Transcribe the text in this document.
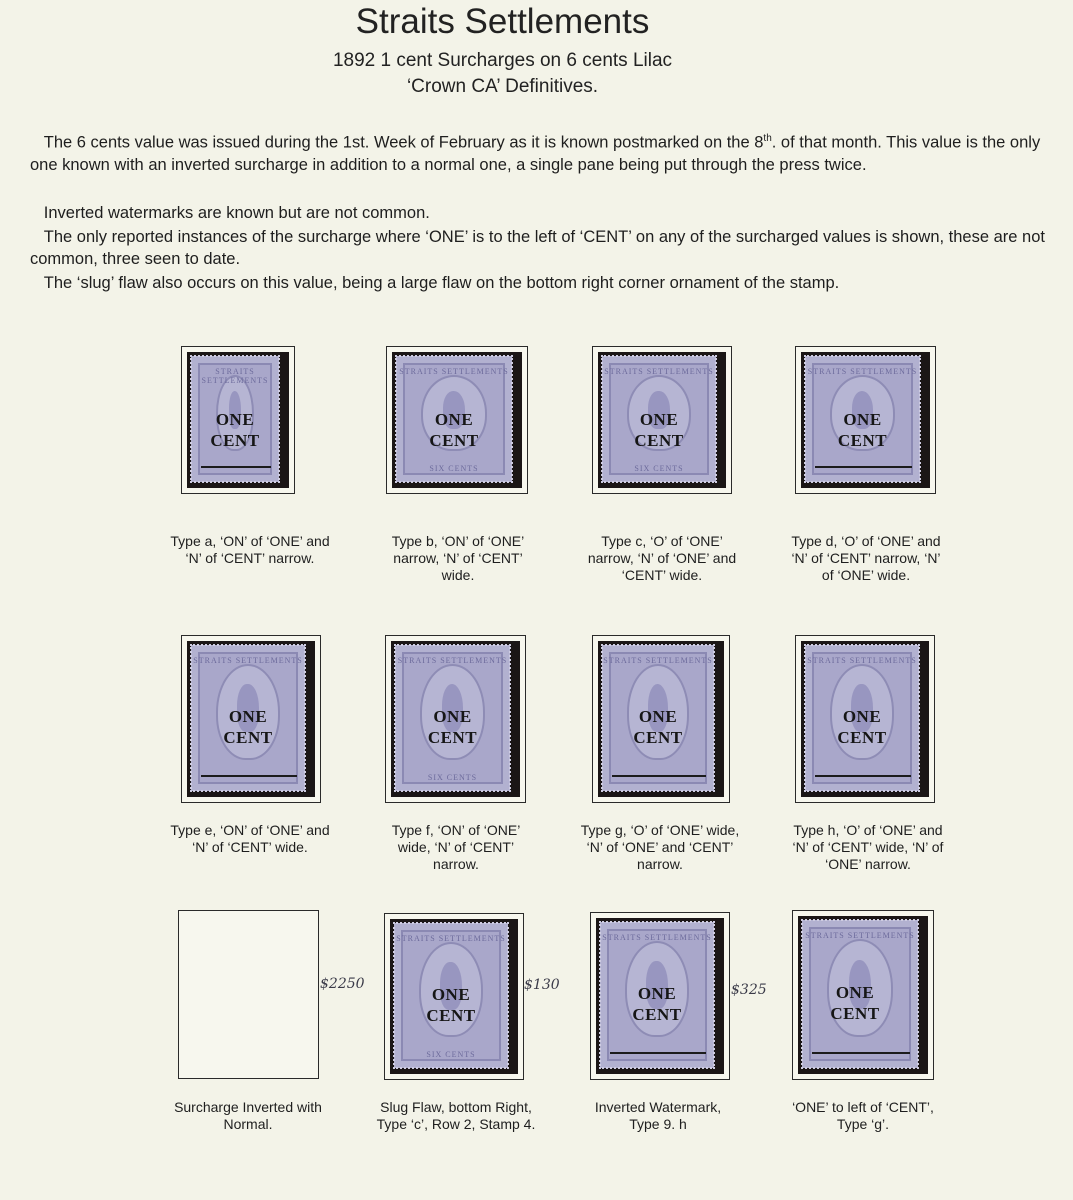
Straits Settlements
1892 1 cent Surcharges on 6 cents Lilac
‘Crown CA’ Definitives.

The 6 cents value was issued during the 1st. Week of February as it is known postmarked on the 8th. of that month. This value is the only one known with an inverted surcharge in addition to a normal one, a single pane being put through the press twice.

Inverted watermarks are known but are not common.

The only reported instances of the surcharge where ‘ONE’ is to the left of ‘CENT’ on any of the surcharged values is shown, these are not common, three seen to date.

The ‘slug’ flaw also occurs on this value, being a large flaw on the bottom right corner ornament of the stamp.

STRAITS SETTLEMENTS
ONE
CENT
STRAITS SETTLEMENTS
ONE
CENT
SIX CENTS
STRAITS SETTLEMENTS
ONE
CENT
SIX CENTS
STRAITS SETTLEMENTS
ONE
CENT

Type a, ‘ON’ of ‘ONE’ and ‘N’ of ‘CENT’ narrow.

Type b, ‘ON’ of ‘ONE’ narrow, ‘N’ of ‘CENT’ wide.

Type c, ‘O’ of ‘ONE’ narrow, ‘N’ of ‘ONE’ and ‘CENT’ wide.

Type d, ‘O’ of ‘ONE’ and ‘N’ of ‘CENT’ narrow, ‘N’ of ‘ONE’ wide.

STRAITS SETTLEMENTS
ONE
CENT
STRAITS SETTLEMENTS
ONE
CENT
SIX CENTS
STRAITS SETTLEMENTS
ONE
CENT
STRAITS SETTLEMENTS
ONE
CENT

Type e, ‘ON’ of ‘ONE’ and ‘N’ of ‘CENT’ wide.

Type f, ‘ON’ of ‘ONE’ wide, ‘N’ of ‘CENT’ narrow.

Type g, ‘O’ of ‘ONE’ wide, ‘N’ of ‘ONE’ and ‘CENT’ narrow.

Type h, ‘O’ of ‘ONE’ and ‘N’ of ‘CENT’ wide, ‘N’ of ‘ONE’ narrow.

$2250
STRAITS SETTLEMENTS
ONE
CENT
SIX CENTS
$130
STRAITS SETTLEMENTS
ONE
CENT
$325
STRAITS SETTLEMENTS
ONE
CENT

Surcharge Inverted with Normal.

Slug Flaw, bottom Right, Type ‘c’, Row 2, Stamp 4.

Inverted Watermark, Type 9. h

‘ONE’ to left of ‘CENT’, Type ‘g’.
